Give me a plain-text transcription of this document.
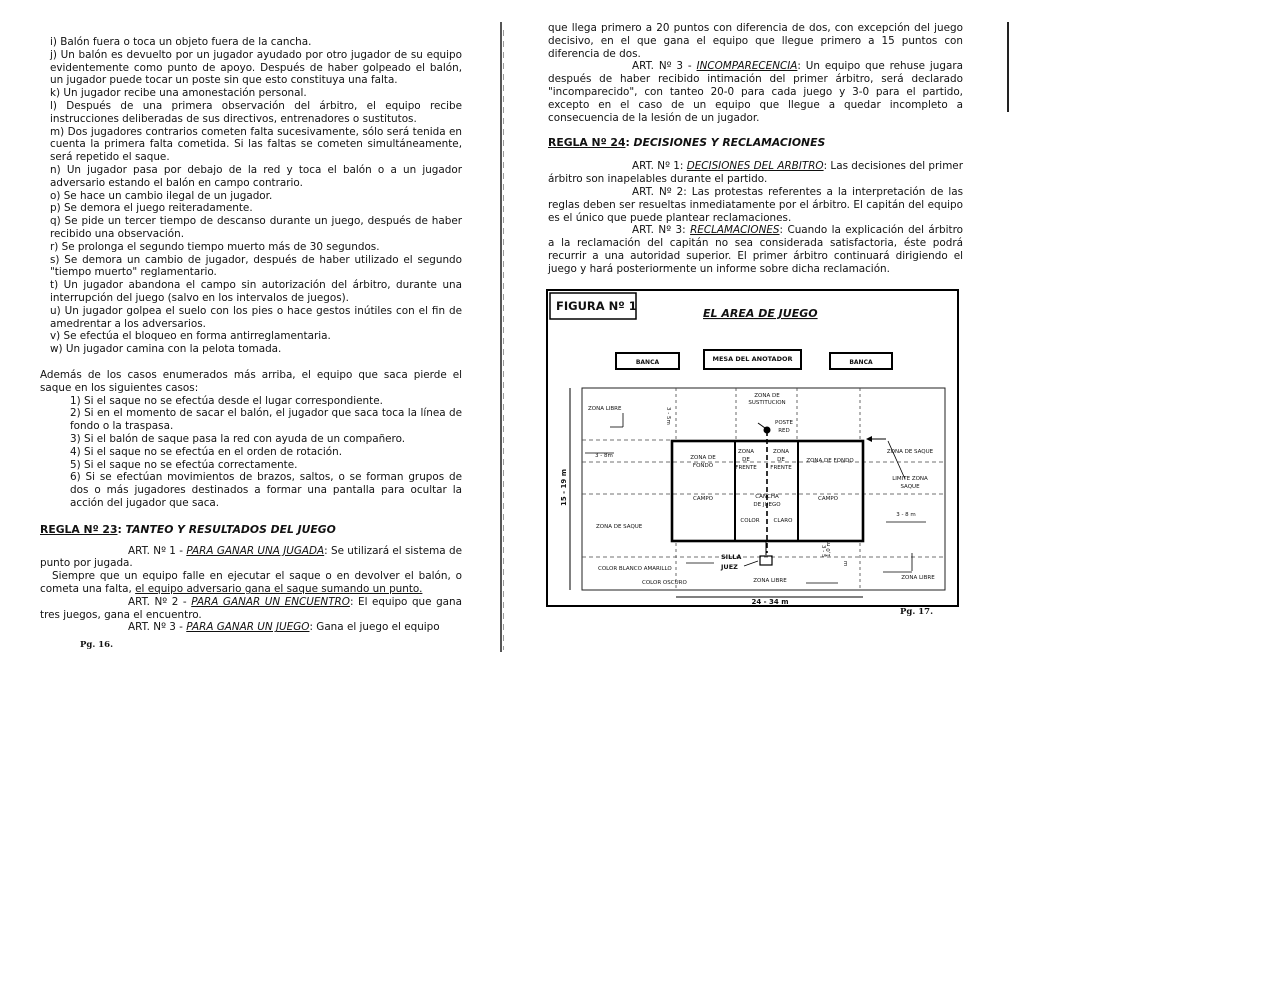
i) Balón fuera o toca un objeto fuera de la cancha.

j) Un balón es devuelto por un jugador ayudado por otro jugador de su equipo evidentemente como punto de apoyo. Después de haber golpeado el balón, un jugador puede tocar un poste sin que esto constituya una falta.

k) Un jugador recibe una amonestación personal.

l) Después de una primera observación del árbitro, el equipo recibe instrucciones deliberadas de sus directivos, entrenadores o sustitutos.

m) Dos jugadores contrarios cometen falta sucesivamente, sólo será tenida en cuenta la primera falta cometida. Si las faltas se cometen simultáneamente, será repetido el saque.

n) Un jugador pasa por debajo de la red y toca el balón o a un jugador adversario estando el balón en campo contrario.

o) Se hace un cambio ilegal de un jugador.

p) Se demora el juego reiteradamente.

q) Se pide un tercer tiempo de descanso durante un juego, después de haber recibido una observación.

r) Se prolonga el segundo tiempo muerto más de 30 segundos.

s) Se demora un cambio de jugador, después de haber utilizado el segundo "tiempo muerto" reglamentario.

t) Un jugador abandona el campo sin autorización del árbitro, durante una interrupción del juego (salvo en los intervalos de juegos).

u) Un jugador golpea el suelo con los pies o hace gestos inútiles con el fin de amedrentar a los adversarios.

v) Se efectúa el bloqueo en forma antirreglamentaria.

w) Un jugador camina con la pelota tomada.

Además de los casos enumerados más arriba, el equipo que saca pierde el saque en los siguientes casos:

1) Si el saque no se efectúa desde el lugar correspondiente.

2) Si en el momento de sacar el balón, el jugador que saca toca la línea de fondo o la traspasa.

3) Si el balón de saque pasa la red con ayuda de un compañero.

4) Si el saque no se efectúa en el orden de rotación.

5) Si el saque no se efectúa correctamente.

6) Si se efectúan movimientos de brazos, saltos, o se forman grupos de dos o más jugadores destinados a formar una pantalla para ocultar la acción del jugador que saca.

REGLA Nº 23: TANTEO Y RESULTADOS DEL JUEGO

ART. Nº 1 - PARA GANAR UNA JUGADA: Se utilizará el sistema de punto por jugada.

Siempre que un equipo falle en ejecutar el saque o en devolver el balón, o cometa una falta, el equipo adversario gana el saque sumando un punto.

ART. Nº 2 - PARA GANAR UN ENCUENTRO: El equipo que gana tres juegos, gana el encuentro.

ART. Nº 3 - PARA GANAR UN JUEGO: Gana el juego el equipo

Pg. 16.

que llega primero a 20 puntos con diferencia de dos, con excepción del juego decisivo, en el que gana el equipo que llegue primero a 15 puntos con diferencia de dos.

ART. Nº 3 - INCOMPARECENCIA: Un equipo que rehuse jugara después de haber recibido intimación del primer árbitro, será declarado "incomparecido", con tanteo 20-0 para cada juego y 3-0 para el partido, excepto en el caso de un equipo que llegue a quedar incompleto a consecuencia de la lesión de un jugador.

REGLA Nº 24: DECISIONES Y RECLAMACIONES

ART. Nº 1: DECISIONES DEL ARBITRO: Las decisiones del primer árbitro son inapelables durante el partido.

ART. Nº 2: Las protestas referentes a la interpretación de las reglas deben ser resueltas inmediatamente por el árbitro. El capitán del equipo es el único que puede plantear reclamaciones.

ART. Nº 3: RECLAMACIONES: Cuando la explicación del árbitro a la reclamación del capitán no sea considerada satisfactoria, éste podrá recurrir a una autoridad superior. El primer árbitro continuará dirigiendo el juego y hará posteriormente un informe sobre dicha reclamación.

FIGURA Nº 1
EL AREA DE JUEGO
BANCA	MESA DEL ANOTADOR	BANCA
15 - 19 m
24 - 34 m
ZONA LIBRE	3 - 5m
ZONA DE
SUSTITUCION
POSTE
RED
3 - 8m	ZONA DE
FONDO
ZONA
DE
FRENTE
ZONA
DE
FRENTE
ZONA DE FONDO
ZONA DE SAQUE
LIMITE ZONA
SAQUE
CAMPO	CANCHA
DE JUEGO
CAMPO
COLOR	CLARO
3 - 8 m
ZONA DE SAQUE
SILLA
JUEZ
COLOR BLANCO AMARILLO
COLOR OSCURO	ZONA LIBRE	ZONA LIBRE
3 - 5 1,0 m
m
Pg. 17.
